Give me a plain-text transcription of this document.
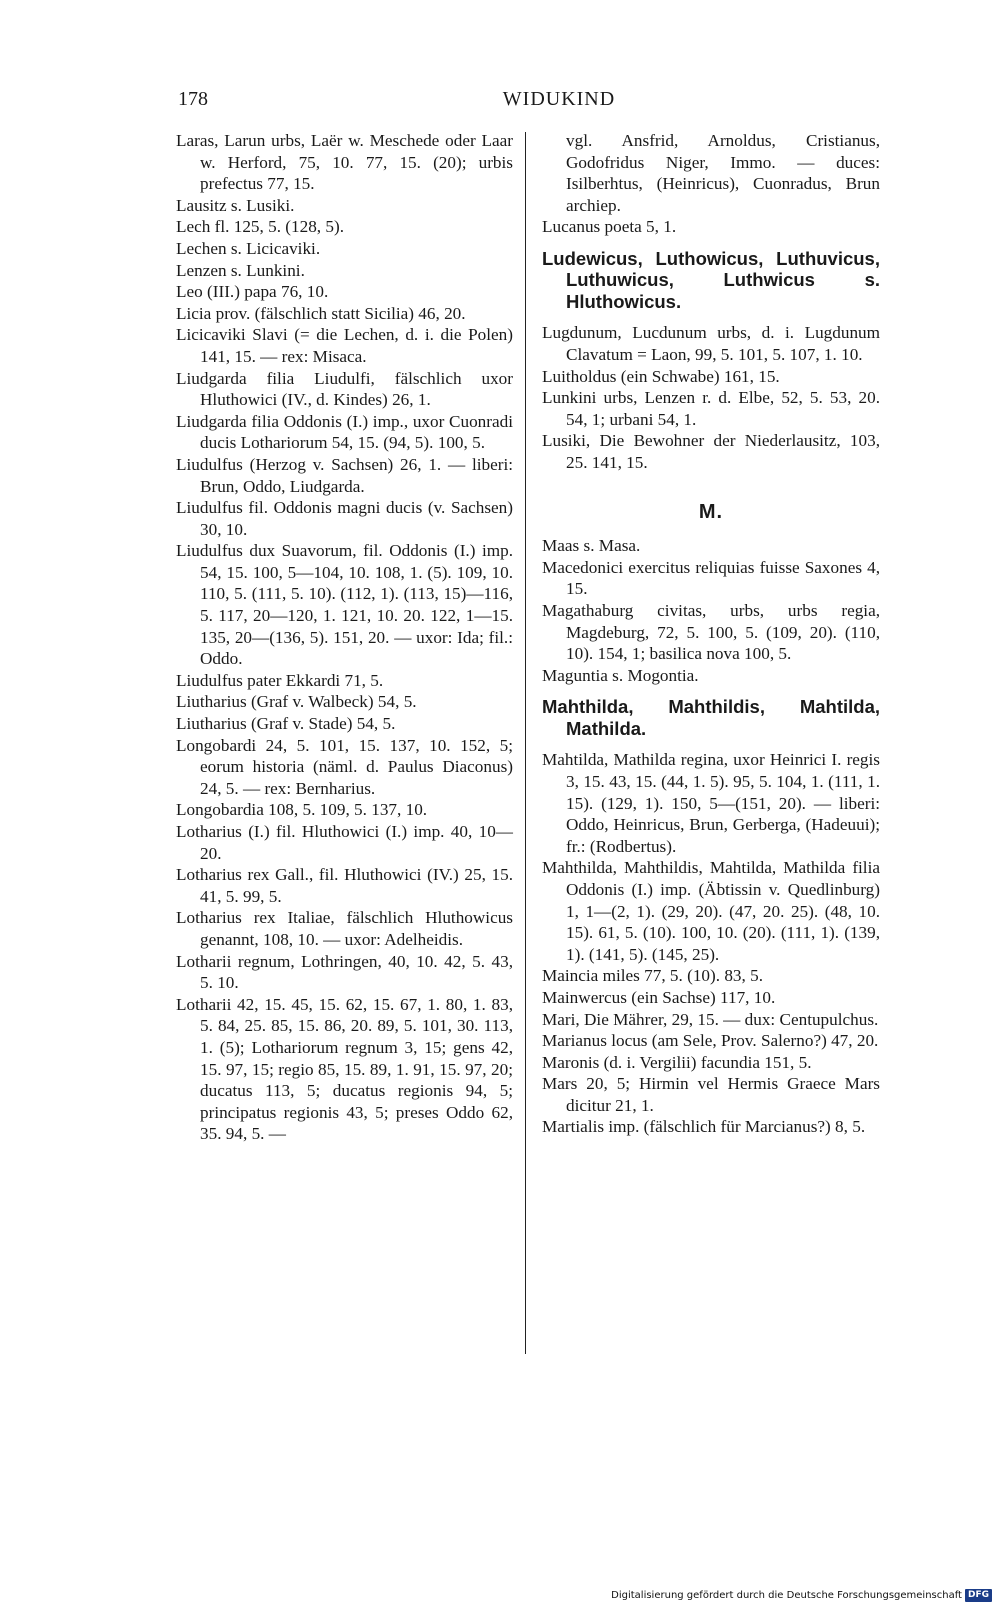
178	WIDUKIND

Laras, Larun urbs, Laër w. Meschede oder Laar w. Herford, 75, 10. 77, 15. (20); urbis prefectus 77, 15.

Lausitz s. Lusiki.

Lech fl. 125, 5. (128, 5).

Lechen s. Licicaviki.

Lenzen s. Lunkini.

Leo (III.) papa 76, 10.

Licia prov. (fälschlich statt Sicilia) 46, 20.

Licicaviki Slavi (= die Lechen, d. i. die Polen) 141, 15. — rex: Misaca.

Liudgarda filia Liudulfi, fälschlich uxor Hluthowici (IV., d. Kindes) 26, 1.

Liudgarda filia Oddonis (I.) imp., uxor Cuonradi ducis Lothariorum 54, 15. (94, 5). 100, 5.

Liudulfus (Herzog v. Sachsen) 26, 1. — liberi: Brun, Oddo, Liudgarda.

Liudulfus fil. Oddonis magni ducis (v. Sachsen) 30, 10.

Liudulfus dux Suavorum, fil. Oddonis (I.) imp. 54, 15. 100, 5—104, 10. 108, 1. (5). 109, 10. 110, 5. (111, 5. 10). (112, 1). (113, 15)—116, 5. 117, 20—120, 1. 121, 10. 20. 122, 1—15. 135, 20—(136, 5). 151, 20. — uxor: Ida; fil.: Oddo.

Liudulfus pater Ekkardi 71, 5.

Liutharius (Graf v. Walbeck) 54, 5.

Liutharius (Graf v. Stade) 54, 5.

Longobardi 24, 5. 101, 15. 137, 10. 152, 5; eorum historia (näml. d. Paulus Diaconus) 24, 5. — rex: Bernharius.

Longobardia 108, 5. 109, 5. 137, 10.

Lotharius (I.) fil. Hluthowici (I.) imp. 40, 10—20.

Lotharius rex Gall., fil. Hluthowici (IV.) 25, 15. 41, 5. 99, 5.

Lotharius rex Italiae, fälschlich Hluthowicus genannt, 108, 10. — uxor: Adelheidis.

Lotharii regnum, Lothringen, 40, 10. 42, 5. 43, 5. 10.

Lotharii 42, 15. 45, 15. 62, 15. 67, 1. 80, 1. 83, 5. 84, 25. 85, 15. 86, 20. 89, 5. 101, 30. 113, 1. (5); Lothariorum regnum 3, 15; gens 42, 15. 97, 15; regio 85, 15. 89, 1. 91, 15. 97, 20; ducatus 113, 5; ducatus regionis 94, 5; principatus regionis 43, 5; preses Oddo 62, 35. 94, 5. —

vgl. Ansfrid, Arnoldus, Cristianus, Godofridus Niger, Immo. — duces: Isilberhtus, (Heinricus), Cuonradus, Brun archiep.

Lucanus poeta 5, 1.

Ludewicus, Luthowicus, Luthuvicus, Luthuwicus, Luthwicus s. Hluthowicus.

Lugdunum, Lucdunum urbs, d. i. Lugdunum Clavatum = Laon, 99, 5. 101, 5. 107, 1. 10.

Luitholdus (ein Schwabe) 161, 15.

Lunkini urbs, Lenzen r. d. Elbe, 52, 5. 53, 20. 54, 1; urbani 54, 1.

Lusiki, Die Bewohner der Niederlausitz, 103, 25. 141, 15.

M.

Maas s. Masa.

Macedonici exercitus reliquias fuisse Saxones 4, 15.

Magathaburg civitas, urbs, urbs regia, Magdeburg, 72, 5. 100, 5. (109, 20). (110, 10). 154, 1; basilica nova 100, 5.

Maguntia s. Mogontia.

Mahthilda, Mahthildis, Mahtilda, Mathilda.

Mahtilda, Mathilda regina, uxor Heinrici I. regis 3, 15. 43, 15. (44, 1. 5). 95, 5. 104, 1. (111, 1. 15). (129, 1). 150, 5—(151, 20). — liberi: Oddo, Heinricus, Brun, Gerberga, (Hadeuui); fr.: (Rodbertus).

Mahthilda, Mahthildis, Mahtilda, Mathilda filia Oddonis (I.) imp. (Äbtissin v. Quedlinburg) 1, 1—(2, 1). (29, 20). (47, 20. 25). (48, 10. 15). 61, 5. (10). 100, 10. (20). (111, 1). (139, 1). (141, 5). (145, 25).

Maincia miles 77, 5. (10). 83, 5.

Mainwercus (ein Sachse) 117, 10.

Mari, Die Mährer, 29, 15. — dux: Centupulchus.

Marianus locus (am Sele, Prov. Salerno?) 47, 20.

Maronis (d. i. Vergilii) facundia 151, 5.

Mars 20, 5; Hirmin vel Hermis Graece Mars dicitur 21, 1.

Martialis imp. (fälschlich für Marcianus?) 8, 5.

Digitalisierung gefördert durch die Deutsche Forschungsgemeinschaft DFG
